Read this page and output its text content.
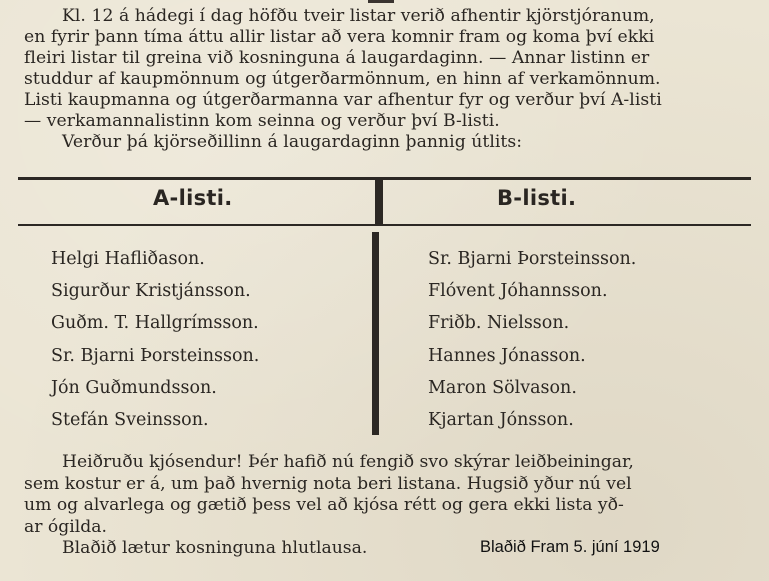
Kl. 12 á hádegi í dag höfðu tveir listar verið afhentir kjörstjóranum,
en fyrir þann tíma áttu allir listar að vera komnir fram og koma því ekki
fleiri listar til greina við kosninguna á laugardaginn. — Annar listinn er
studdur af kaupmönnum og útgerðarmönnum, en hinn af verkamönnum.
Listi kaupmanna og útgerðarmanna var afhentur fyr og verður því A-listi
— verkamannalistinn kom seinna og verður því B-listi.
Verður þá kjörseðillinn á laugardaginn þannig útlits:
A-listi.	B-listi.
Helgi Hafliðason.
Sigurður Kristjánsson.
Guðm. T. Hallgrímsson.
Sr. Bjarni Þorsteinsson.
Jón Guðmundsson.
Stefán Sveinsson.
Sr. Bjarni Þorsteinsson.
Flóvent Jóhannsson.
Friðb. Nielsson.
Hannes Jónasson.
Maron Sölvason.
Kjartan Jónsson.
Heiðruðu kjósendur! Þér hafið nú fengið svo skýrar leiðbeiningar,
sem kostur er á, um það hvernig nota beri listana. Hugsið yður nú vel
um og alvarlega og gætið þess vel að kjósa rétt og gera ekki lista yð-
ar ógilda.
Blaðið lætur kosninguna hlutlausa.	Blaðið Fram 5. júní 1919
